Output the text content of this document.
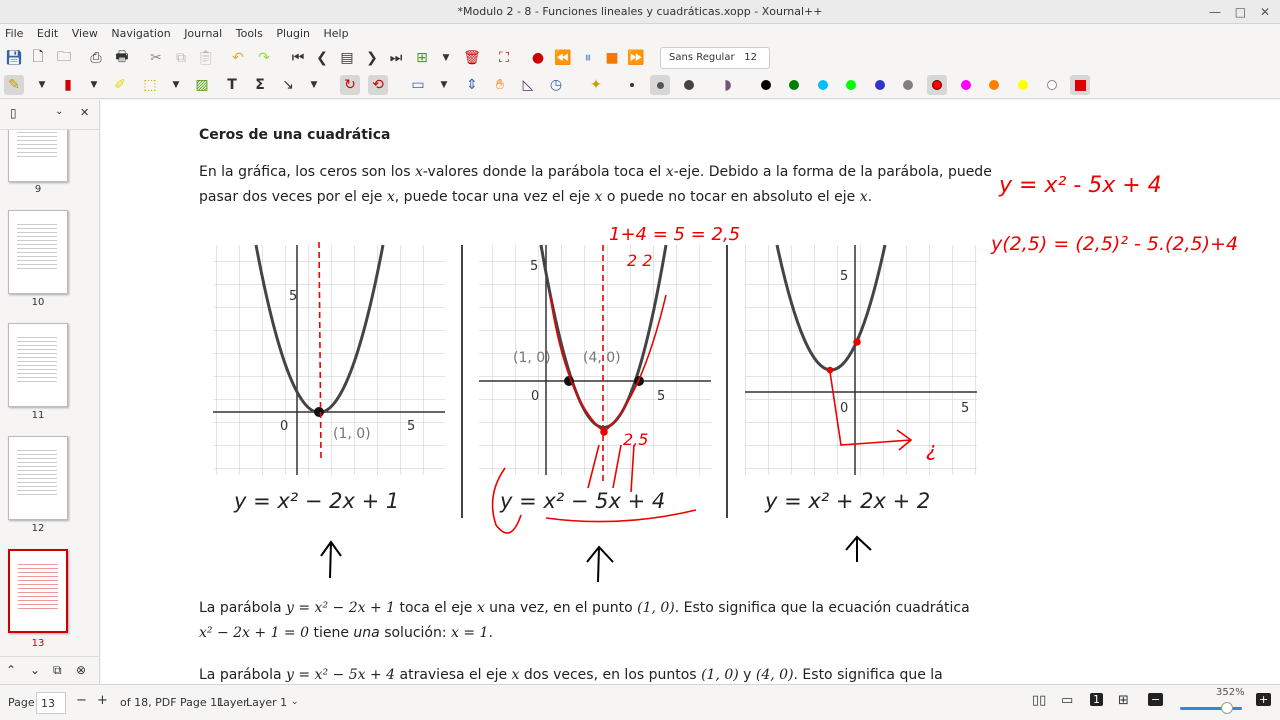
*Modulo 2 - 8 - Funciones lineales y cuadráticas.xopp - Xournal++	— □ ✕
File Edit View Navigation Journal Tools Plugin Help
💾︎ 🗋︎ 🗀︎	⎙ 🖶︎ ✂	⧉ 📋︎ ↶ ↷ ⏮ ❮ ▤ ❯ ⏭ ⊞	▼ 🗑︎	⛶	● ⏪ ⏸ ■ ⏩	Sans Regular 12
✎	▼	▮	▼	✐ ⬚	▼	▨	T	Σ	↘	▼	↻ ⟲ ▭	▼	⇕	✋︎	◺	◷ ✦	◗
▯	⌄ ✕
9
10
11
12
13
⌃ ⌄ ⧉ ⊗
Ceros de una cuadrática
En la gráfica, los ceros son los x-valores donde la parábola toca el x-eje. Debido a la forma de la parábola, puede
pasar dos veces por el eje x, puede tocar una vez el eje x o puede no tocar en absoluto el eje x.
La parábola y = x² − 2x + 1 toca el eje x una vez, en el punto (1, 0). Esto significa que la ecuación cuadrática
x² − 2x + 1 = 0 tiene una solución: x = 1.
La parábola y = x² − 5x + 4 atraviesa el eje x dos veces, en los puntos (1, 0) y (4, 0). Esto significa que la
5
0	5
(1, 0)
y = x² − 2x + 1
5
0	5
(1, 0) (4, 0)
y = x² − 5x + 4
5
0	5
y = x² + 2x + 2
1+4 = 5 = 2,5
2 2
2,5	¿
y = x² - 5x + 4
y(2,5) = (2,5)² - 5.(2,5)+4
Page 13	− + of 18, PDF Page 11
Layer
Layer 1 ⌄	▯▯ ▭ 1 ⊞ −
352%
+
